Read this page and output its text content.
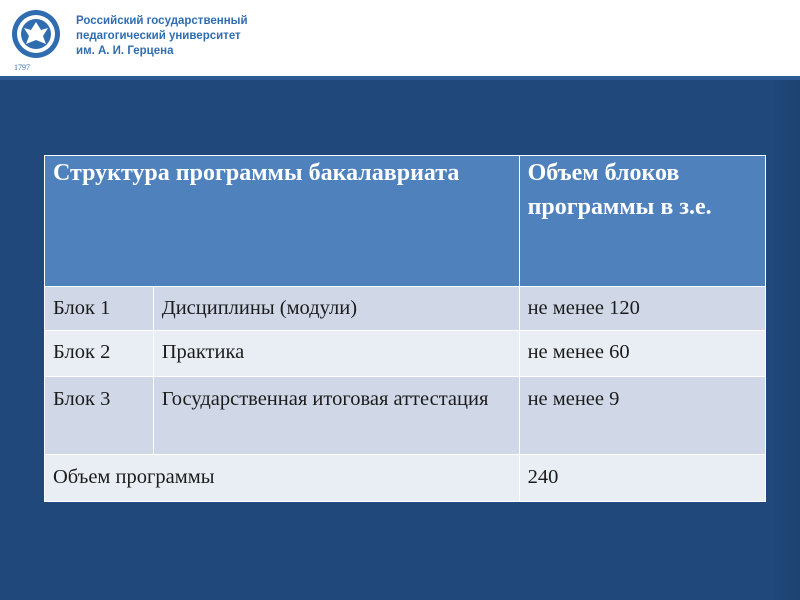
1797
Российский государственный
педагогический университет
им. А. И. Герцена
Структура программы бакалавриата		Объем блоков программы в з.е.
Блок 1	Дисциплины (модули)	не менее 120
Блок 2	Практика	не менее 60
Блок 3	Государственная итоговая аттестация	не менее 9
Объем программы		240
